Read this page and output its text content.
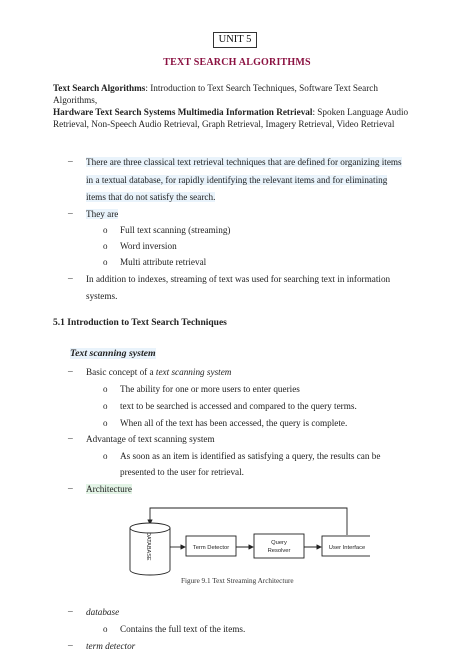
UNIT 5
TEXT SEARCH ALGORITHMS
Text Search Algorithms: Introduction to Text Search Techniques, Software Text Search Algorithms,
Hardware Text Search Systems Multimedia Information Retrieval: Spoken Language Audio Retrieval, Non-Speech Audio Retrieval, Graph Retrieval, Imagery Retrieval, Video Retrieval
– There are three classical text retrieval techniques that are defined for organizing items
in a textual database, for rapidly identifying the relevant items and for eliminating
items that do not satisfy the search.
– They are
o Full text scanning (streaming)
o Word inversion
o Multi attribute retrieval
– In addition to indexes, streaming of text was used for searching text in information
systems.
5.1 Introduction to Text Search Techniques
Text scanning system
– Basic concept of a text scanning system
o The ability for one or more users to enter queries
o text to be searched is accessed and compared to the query terms.
o When all of the text has been accessed, the query is complete.
– Advantage of text scanning system
o As soon as an item is identified as satisfying a query, the results can be
presented to the user for retrieval.
– Architecture
DATABASE	Term Detector
Query
Resolver	User Interface
Figure 9.1 Text Streaming Architecture
– database
o Contains the full text of the items.
– term detector
